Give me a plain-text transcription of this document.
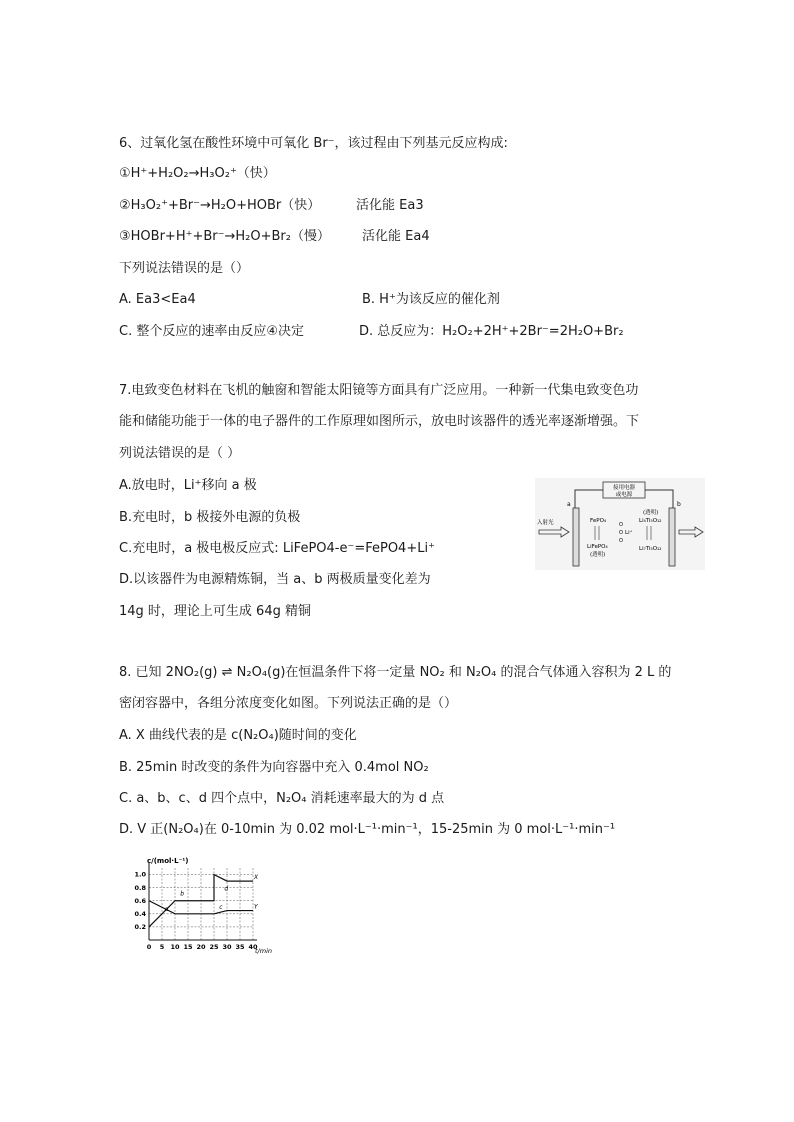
6、过氧化氢在酸性环境中可氧化 Br⁻，该过程由下列基元反应构成:
①H⁺+H₂O₂→H₃O₂⁺（快）
②H₃O₂⁺+Br⁻→H₂O+HOBr（快）	活化能 Ea3
③HOBr+H⁺+Br⁻→H₂O+Br₂（慢） 活化能 Ea4
下列说法错误的是（）
A. Ea3<Ea4	B. H⁺为该反应的催化剂
C. 整个反应的速率由反应④决定	D. 总反应为：H₂O₂+2H⁺+2Br⁻=2H₂O+Br₂
7.电致变色材料在飞机的触窗和智能太阳镜等方面具有广泛应用。一种新一代集电致变色功
能和储能功能于一体的电子器件的工作原理如图所示，放电时该器件的透光率逐渐增强。下
列说法错误的是（ ）
A.放电时，Li⁺移向 a 极
B.充电时，b 极接外电源的负极
C.充电时，a 极电极反应式: LiFePO4-e⁻=FePO4+Li⁺
D.以该器件为电源精炼铜，当 a、b 两极质量变化差为
14g 时，理论上可生成 64g 精铜
接用电器
或电源
a	b
入射光	FePO₄
LiFePO₄
(透明)
Li⁺
(透明)
Li₄Ti₅O₁₂
Li₇Ti₅O₁₂
8. 已知 2NO₂(g) ⇌ N₂O₄(g)在恒温条件下将一定量 NO₂ 和 N₂O₄ 的混合气体通入容积为 2 L 的
密闭容器中，各组分浓度变化如图。下列说法正确的是（）
A. X 曲线代表的是 c(N₂O₄)随时间的变化
B. 25min 时改变的条件为向容器中充入 0.4mol NO₂
C. a、b、c、d 四个点中，N₂O₄ 消耗速率最大的为 d 点
D. V 正(N₂O₄)在 0-10min 为 0.02 mol·L⁻¹·min⁻¹，15-25min 为 0 mol·L⁻¹·min⁻¹
c/(mol·L⁻¹)
t/min
0 5 10 15 20 25 30 35 40
0.2
0.4
0.6
0.8
1.0	X
Y
a
b
c
d
